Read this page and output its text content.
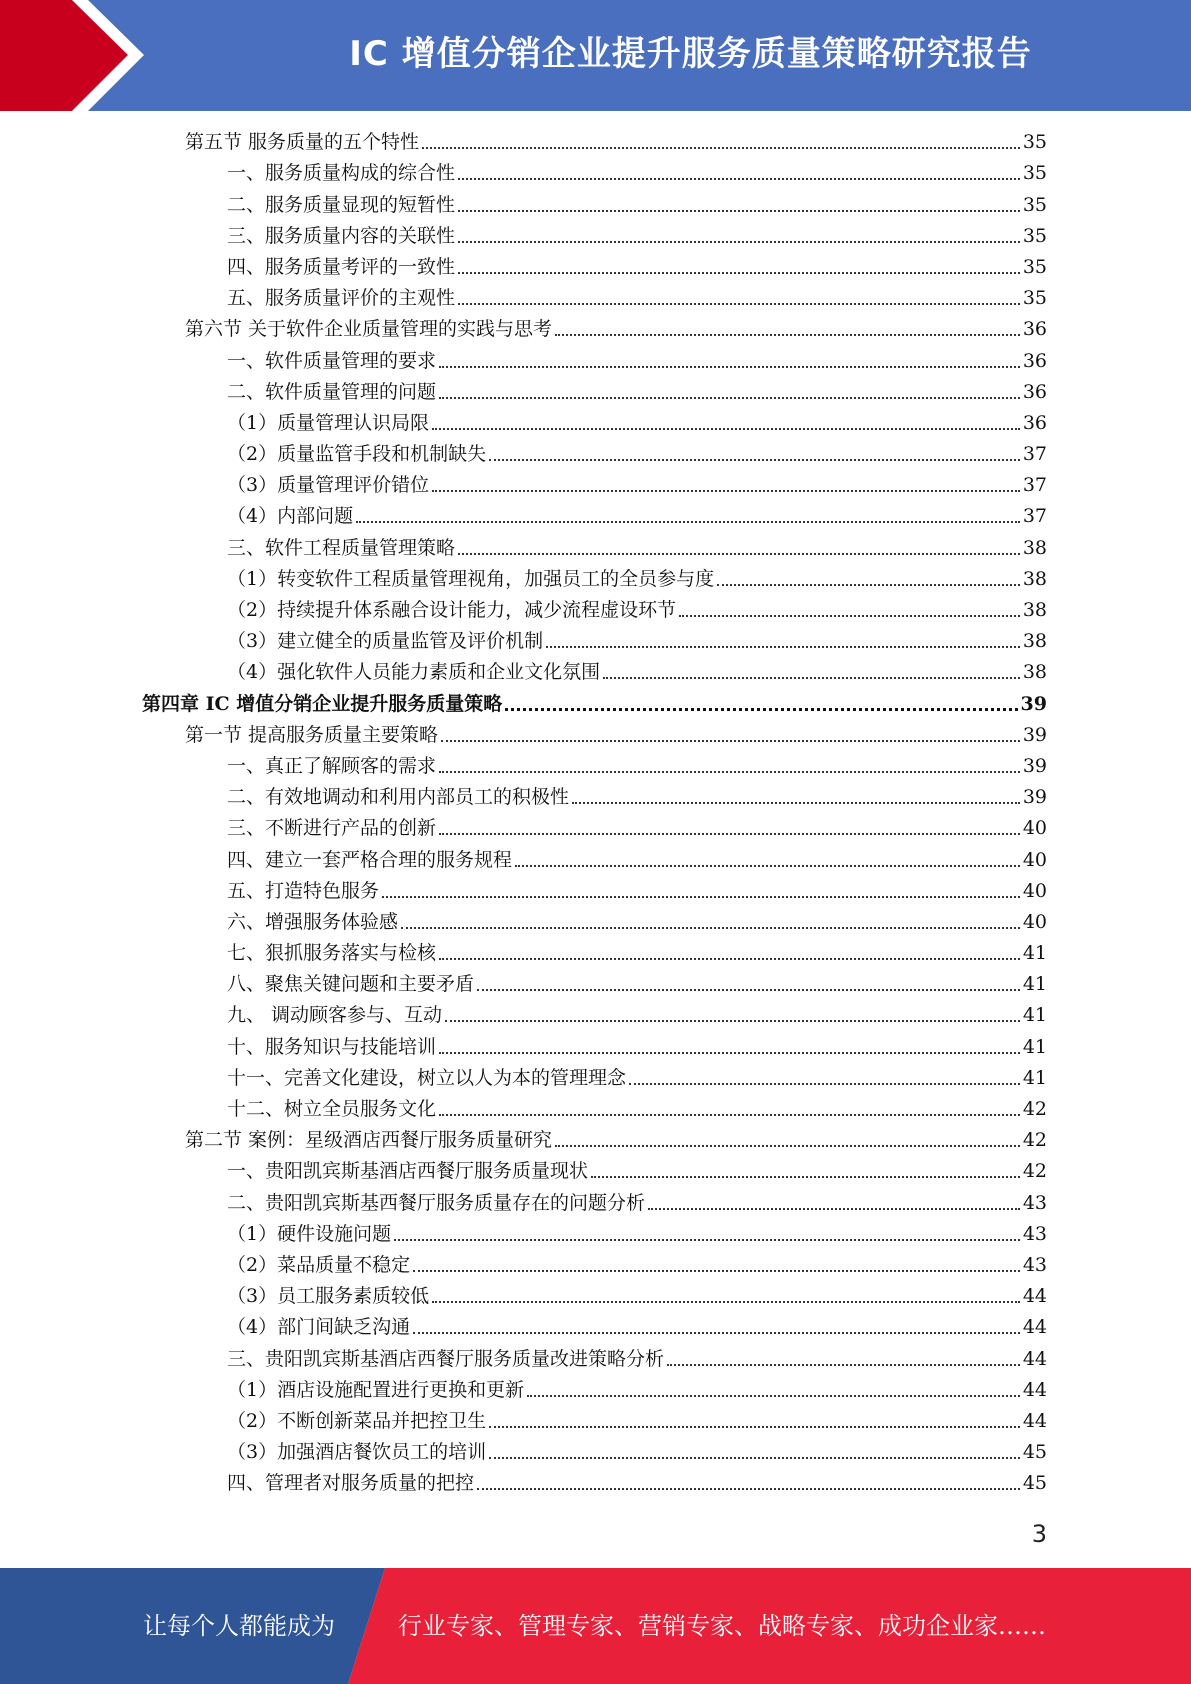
IC 增值分销企业提升服务质量策略研究报告
第五节 服务质量的五个特性	35
一、服务质量构成的综合性	35
二、服务质量显现的短暂性	35
三、服务质量内容的关联性	35
四、服务质量考评的一致性	35
五、服务质量评价的主观性	35
第六节 关于软件企业质量管理的实践与思考	36
一、软件质量管理的要求	36
二、软件质量管理的问题	36
（1）质量管理认识局限	36
（2）质量监管手段和机制缺失	37
（3）质量管理评价错位	37
（4）内部问题	37
三、软件工程质量管理策略	38
（1）转变软件工程质量管理视角，加强员工的全员参与度	38
（2）持续提升体系融合设计能力，减少流程虚设环节	38
（3）建立健全的质量监管及评价机制	38
（4）强化软件人员能力素质和企业文化氛围	38
第四章 IC 增值分销企业提升服务质量策略	39
第一节 提高服务质量主要策略	39
一、真正了解顾客的需求	39
二、有效地调动和利用内部员工的积极性	39
三、不断进行产品的创新	40
四、建立一套严格合理的服务规程	40
五、打造特色服务	40
六、增强服务体验感	40
七、狠抓服务落实与检核	41
八、聚焦关键问题和主要矛盾	41
九、 调动顾客参与、互动	41
十、服务知识与技能培训	41
十一、完善文化建设，树立以人为本的管理理念	41
十二、树立全员服务文化	42
第二节 案例：星级酒店西餐厅服务质量研究	42
一、贵阳凯宾斯基酒店西餐厅服务质量现状	42
二、贵阳凯宾斯基西餐厅服务质量存在的问题分析	43
（1）硬件设施问题	43
（2）菜品质量不稳定	43
（3）员工服务素质较低	44
（4）部门间缺乏沟通	44
三、贵阳凯宾斯基酒店西餐厅服务质量改进策略分析	44
（1）酒店设施配置进行更换和更新	44
（2）不断创新菜品并把控卫生	44
（3）加强酒店餐饮员工的培训	45
四、管理者对服务质量的把控	45
3
让每个人都能成为	行业专家、管理专家、营销专家、战略专家、成功企业家……
